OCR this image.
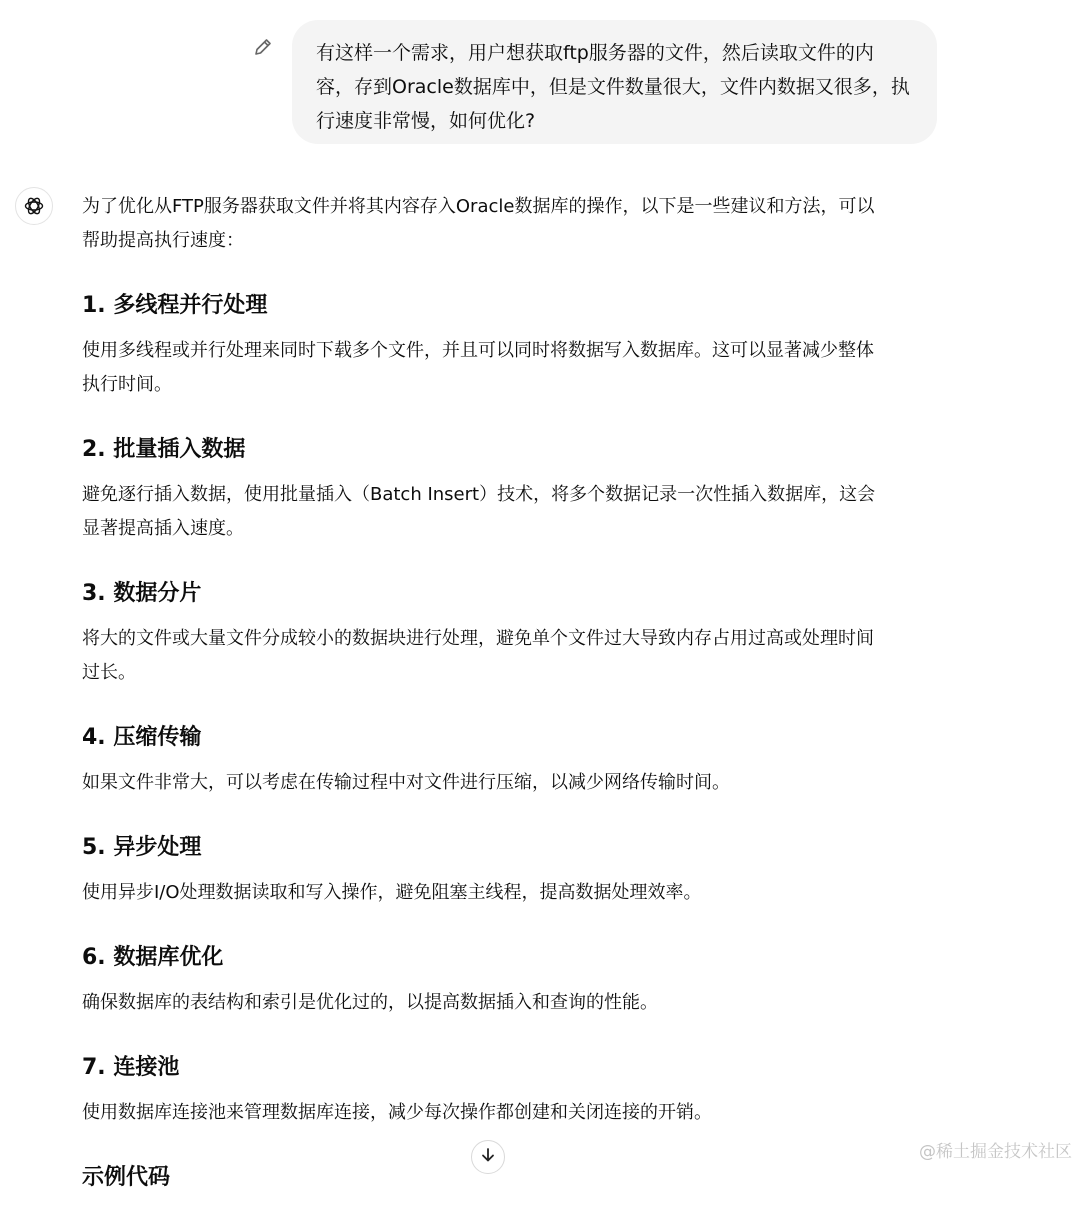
有这样一个需求，用户想获取ftp服务器的文件，然后读取文件的内
容，存到Oracle数据库中，但是文件数量很大，文件内数据又很多，执
行速度非常慢，如何优化?
为了优化从FTP服务器获取文件并将其内容存入Oracle数据库的操作，以下是一些建议和方法，可以
帮助提高执行速度：
1. 多线程并行处理
使用多线程或并行处理来同时下载多个文件，并且可以同时将数据写入数据库。这可以显著减少整体
执行时间。
2. 批量插入数据
避免逐行插入数据，使用批量插入（Batch Insert）技术，将多个数据记录一次性插入数据库，这会
显著提高插入速度。
3. 数据分片
将大的文件或大量文件分成较小的数据块进行处理，避免单个文件过大导致内存占用过高或处理时间
过长。
4. 压缩传输
如果文件非常大，可以考虑在传输过程中对文件进行压缩，以减少网络传输时间。
5. 异步处理
使用异步I/O处理数据读取和写入操作，避免阻塞主线程，提高数据处理效率。
6. 数据库优化
确保数据库的表结构和索引是优化过的，以提高数据插入和查询的性能。
7. 连接池
使用数据库连接池来管理数据库连接，减少每次操作都创建和关闭连接的开销。
示例代码
@稀土掘金技术社区
